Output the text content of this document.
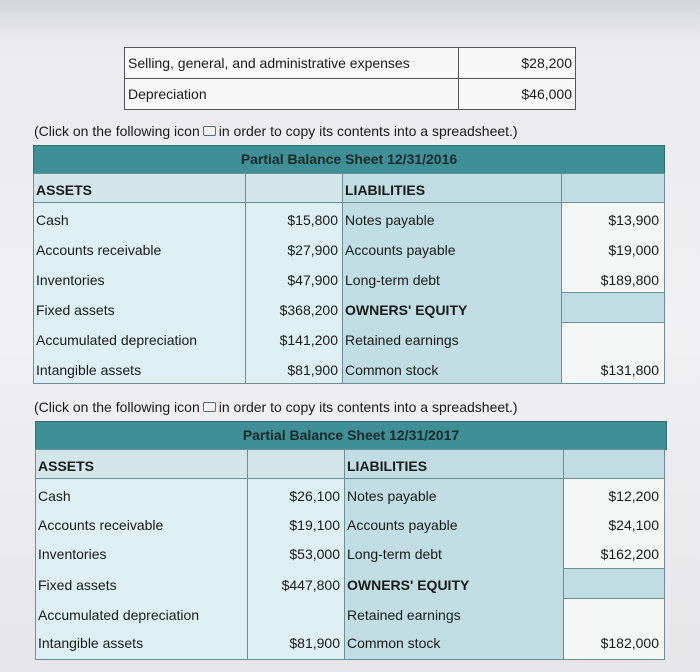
Selling, general, and administrative expenses	$28,200
Depreciation	$46,000
(Click on the following icon in order to copy its contents into a spreadsheet.)
Partial Balance Sheet 12/31/2016
ASSETS	LIABILITIES
Cash	$15,800 Notes payable	$13,900
Accounts receivable	$27,900 Accounts payable	$19,000
Inventories	$47,900 Long-term debt	$189,800
Fixed assets	$368,200 OWNERS' EQUITY
Accumulated depreciation	$141,200 Retained earnings
Intangible assets	$81,900 Common stock	$131,800
(Click on the following icon in order to copy its contents into a spreadsheet.)
Partial Balance Sheet 12/31/2017
ASSETS	LIABILITIES
Cash	$26,100 Notes payable	$12,200
Accounts receivable	$19,100 Accounts payable	$24,100
Inventories	$53,000 Long-term debt	$162,200
Fixed assets	$447,800 OWNERS' EQUITY
Accumulated depreciation	Retained earnings
Intangible assets	$81,900 Common stock	$182,000
